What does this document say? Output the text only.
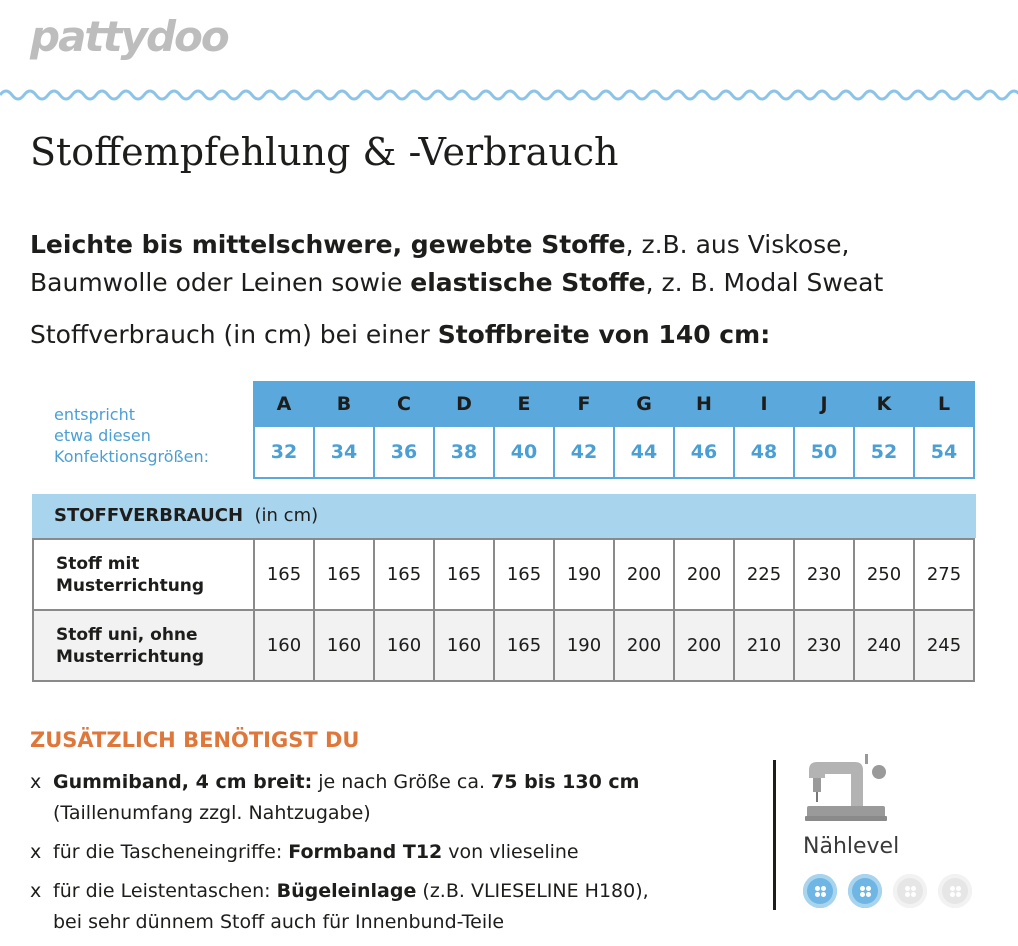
pattydoo
Stoffempfehlung & -Verbrauch
Leichte bis mittelschwere, gewebte Stoffe, z.B. aus Viskose,
Baumwolle oder Leinen sowie elastische Stoffe, z. B. Modal Sweat
Stoffverbrauch (in cm) bei einer Stoffbreite von 140 cm:
entspricht
etwa diesen
Konfektionsgrößen:
A	B	C	D	E	F	G	H	I	J	K	L
32	34	36	38	40	42	44	46	48	50	52	54
STOFFVERBRAUCH (in cm)
Stoff mit
Musterrichtung	165	165	165	165	165	190	200	200	225	230	250	275

Stoff uni, ohne
Musterrichtung	160	160	160	160	165	190	200	200	210	230	240	245
ZUSÄTZLICH BENÖTIGST DU
x Gummiband, 4 cm breit: je nach Größe ca. 75 bis 130 cm
(Taillenumfang zzgl. Nahtzugabe)
x für die Tascheneingriffe: Formband T12 von vlieseline
x für die Leistentaschen: Bügeleinlage (z.B. VLIESELINE H180),
bei sehr dünnem Stoff auch für Innenbund-Teile
Nählevel
